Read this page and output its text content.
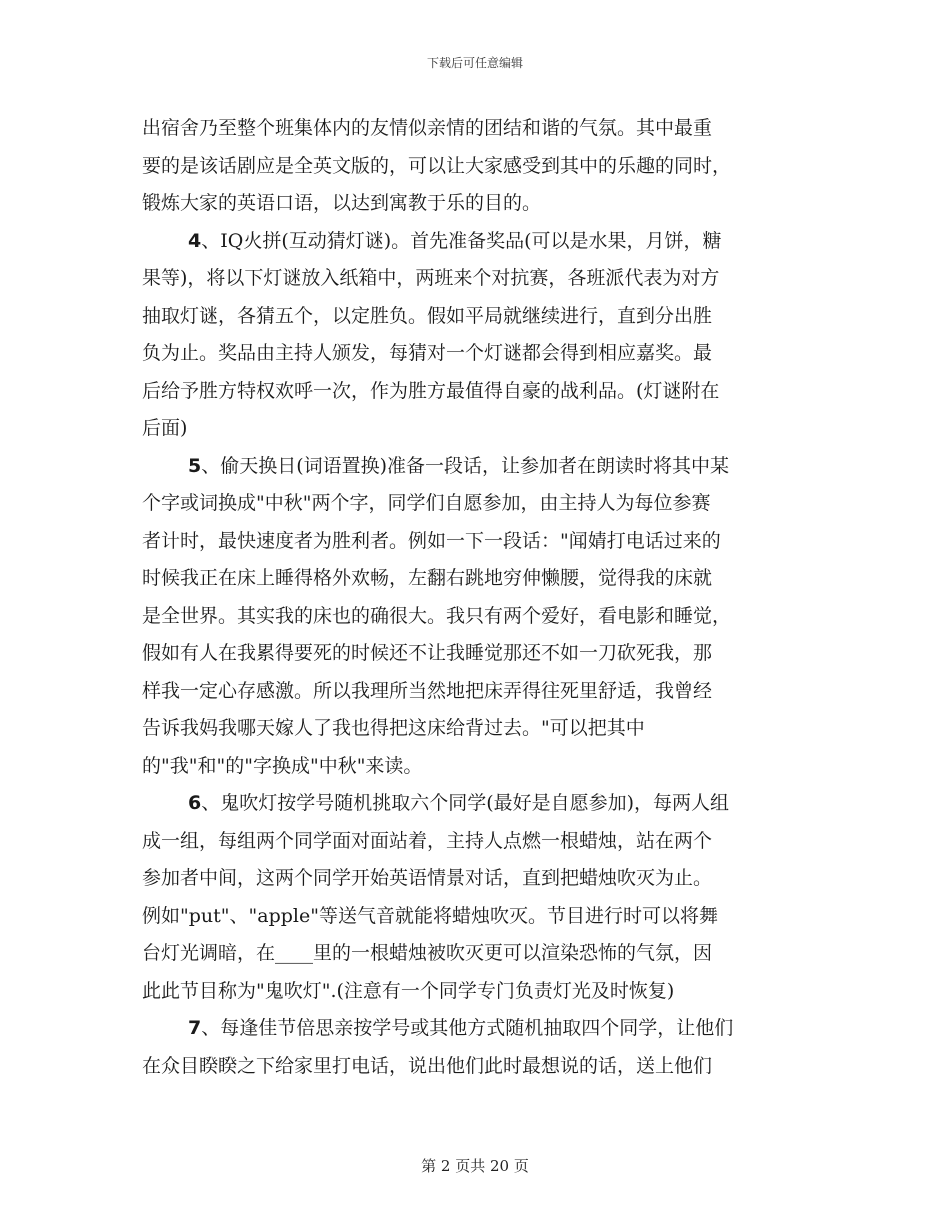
下载后可任意编辑
出宿舍乃至整个班集体内的友情似亲情的团结和谐的气氛。其中最重
要的是该话剧应是全英文版的，可以让大家感受到其中的乐趣的同时，
锻炼大家的英语口语，以达到寓教于乐的目的。
4、IQ火拼(互动猜灯谜)。首先准备奖品(可以是水果，月饼，糖
果等)，将以下灯谜放入纸箱中，两班来个对抗赛，各班派代表为对方
抽取灯谜，各猜五个，以定胜负。假如平局就继续进行，直到分出胜
负为止。奖品由主持人颁发，每猜对一个灯谜都会得到相应嘉奖。最
后给予胜方特权欢呼一次，作为胜方最值得自豪的战利品。(灯谜附在
后面)
5、偷天换日(词语置换)准备一段话，让参加者在朗读时将其中某
个字或词换成"中秋"两个字，同学们自愿参加，由主持人为每位参赛
者计时，最快速度者为胜利者。例如一下一段话："闻婧打电话过来的
时候我正在床上睡得格外欢畅，左翻右跳地穷伸懒腰，觉得我的床就
是全世界。其实我的床也的确很大。我只有两个爱好，看电影和睡觉，
假如有人在我累得要死的时候还不让我睡觉那还不如一刀砍死我，那
样我一定心存感激。所以我理所当然地把床弄得往死里舒适，我曾经
告诉我妈我哪天嫁人了我也得把这床给背过去。"可以把其中
的"我"和"的"字换成"中秋"来读。
6、鬼吹灯按学号随机挑取六个同学(最好是自愿参加)，每两人组
成一组，每组两个同学面对面站着，主持人点燃一根蜡烛，站在两个
参加者中间，这两个同学开始英语情景对话，直到把蜡烛吹灭为止。
例如"put"、"apple"等送气音就能将蜡烛吹灭。节目进行时可以将舞
台灯光调暗，在____里的一根蜡烛被吹灭更可以渲染恐怖的气氛，因
此此节目称为"鬼吹灯".(注意有一个同学专门负责灯光及时恢复)
7、每逢佳节倍思亲按学号或其他方式随机抽取四个同学，让他们
在众目睽睽之下给家里打电话，说出他们此时最想说的话，送上他们
第 2 页共 20 页
